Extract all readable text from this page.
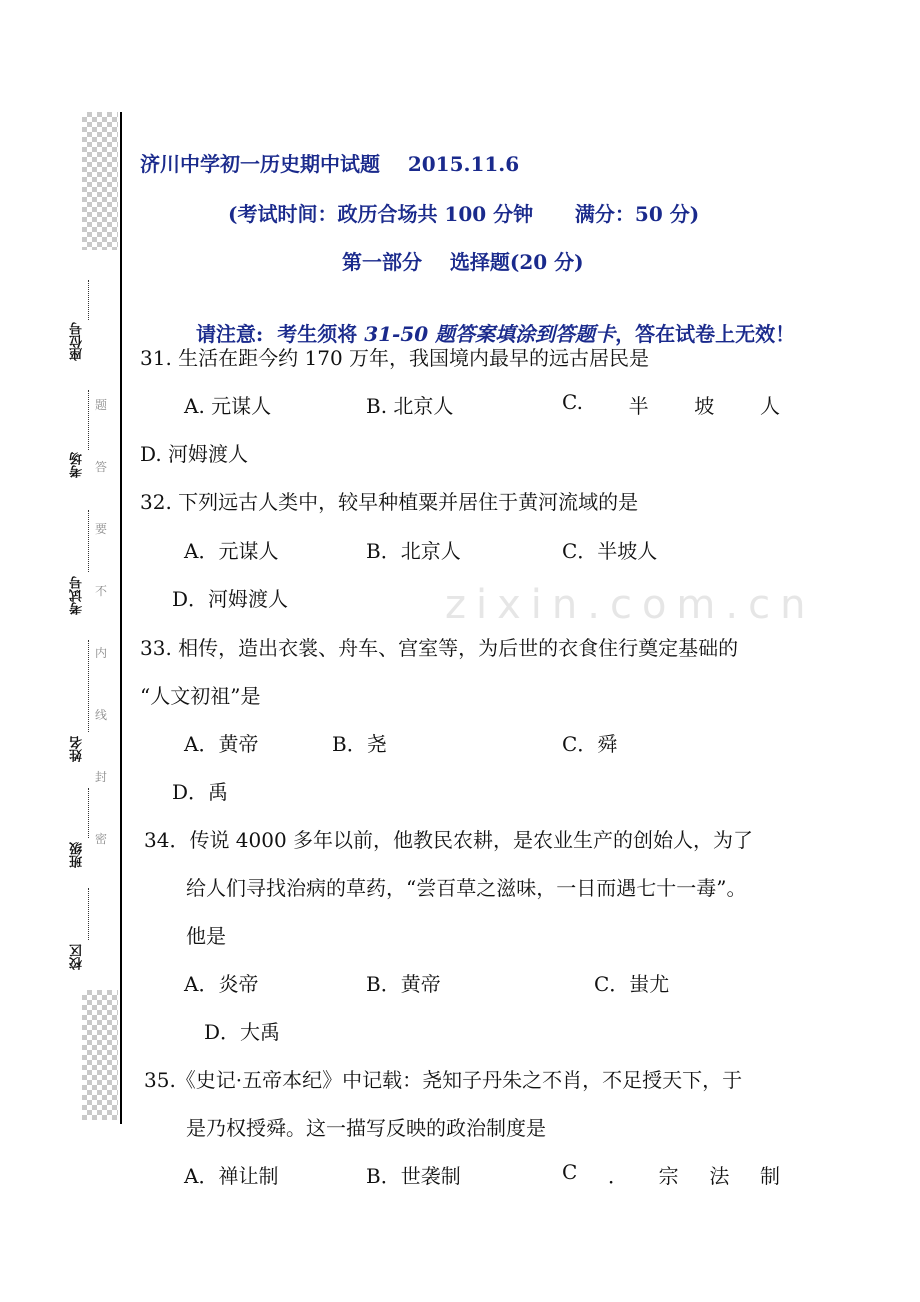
座位号
考场
考试号
姓名
班级
校区
题
答
要
不
内
线
封
密
zixin.com.cn
济川中学初一历史期中试题    2015.11.6
(考试时间：政历合场共 100 分钟      满分：50 分)
第一部分    选择题(20 分)

请注意:  考生须将 31-50 题答案填涂到答题卡，答在试卷上无效！

31. 生活在距今约 170 万年，我国境内最早的远古居民是
A. 元谋人	B. 北京人	C. 半 坡 人
D. 河姆渡人
32. 下列远古人类中，较早种植粟并居住于黄河流域的是
A．元谋人	B．北京人	C．半坡人
D．河姆渡人
33. 相传，造出衣裳、舟车、宫室等，为后世的衣食住行奠定基础的
“人文初祖”是
A．黄帝	B．尧	C．舜
D．禹
34．传说 4000 多年以前，他教民农耕，是农业生产的创始人，为了
给人们寻找治病的草药，“尝百草之滋味，一日而遇七十一毒”。
他是
A．炎帝	B．黄帝	C．蚩尤
D．大禹
35.《史记·五帝本纪》中记载：尧知子丹朱之不肖，不足授天下，于
是乃权授舜。这一描写反映的政治制度是
A．禅让制	B．世袭制	C ． 宗 法 制
